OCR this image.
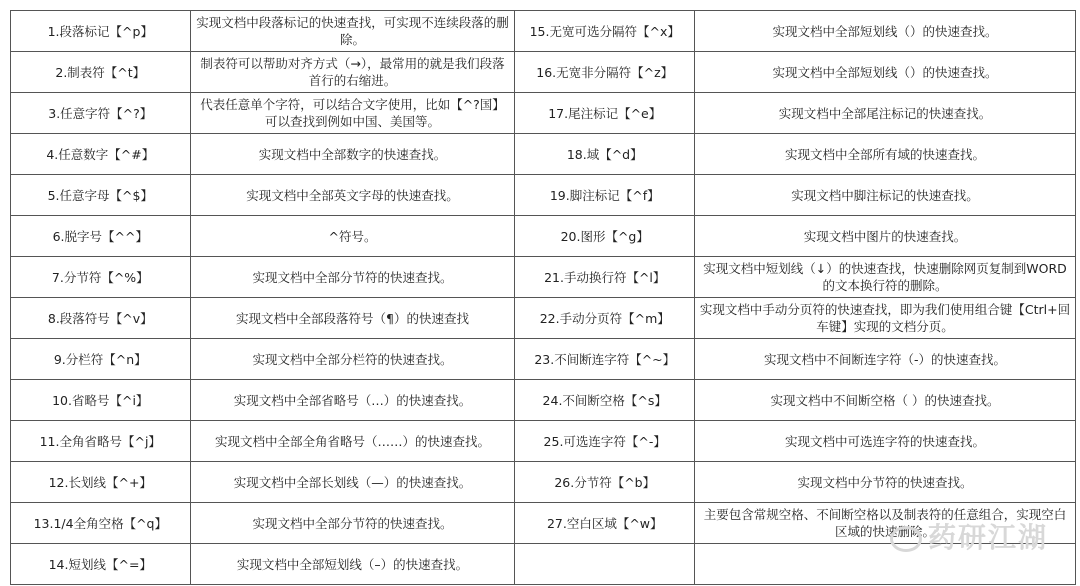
1.段落标记【^p】	实现文档中段落标记的快速查找，可实现不连续段落的删除。	15.无宽可选分隔符【^x】	实现文档中全部短划线（）的快速查找。
2.制表符【^t】	制表符可以帮助对齐方式（→），最常用的就是我们段落首行的右缩进。	16.无宽非分隔符【^z】	实现文档中全部短划线（）的快速查找。
3.任意字符【^?】	代表任意单个字符，可以结合文字使用，比如【^?国】可以查找到例如中国、美国等。	17.尾注标记【^e】	实现文档中全部尾注标记的快速查找。
4.任意数字【^#】	实现文档中全部数字的快速查找。	18.域【^d】	实现文档中全部所有域的快速查找。
5.任意字母【^$】	实现文档中全部英文字母的快速查找。	19.脚注标记【^f】	实现文档中脚注标记的快速查找。
6.脱字号【^^】	^符号。	20.图形【^g】	实现文档中图片的快速查找。
7.分节符【^%】	实现文档中全部分节符的快速查找。	21.手动换行符【^l】	实现文档中短划线（↓）的快速查找，快速删除网页复制到WORD的文本换行符的删除。
8.段落符号【^v】	实现文档中全部段落符号（¶）的快速查找	22.手动分页符【^m】	实现文档中手动分页符的快速查找，即为我们使用组合键【Ctrl+回车键】实现的文档分页。
9.分栏符【^n】	实现文档中全部分栏符的快速查找。	23.不间断连字符【^~】	实现文档中不间断连字符（-）的快速查找。
10.省略号【^i】	实现文档中全部省略号（…）的快速查找。	24.不间断空格【^s】	实现文档中不间断空格（ ）的快速查找。
11.全角省略号【^j】	实现文档中全部全角省略号（……）的快速查找。	25.可选连字符【^-】	实现文档中可选连字符的快速查找。
12.长划线【^+】	实现文档中全部长划线（—）的快速查找。	26.分节符【^b】	实现文档中分节符的快速查找。
13.1/4全角空格【^q】	实现文档中全部分节符的快速查找。	27.空白区域【^w】	主要包含常规空格、不间断空格以及制表符的任意组合，实现空白区域的快速删除。
14.短划线【^=】	实现文档中全部短划线（–）的快速查找。		
药研江湖
